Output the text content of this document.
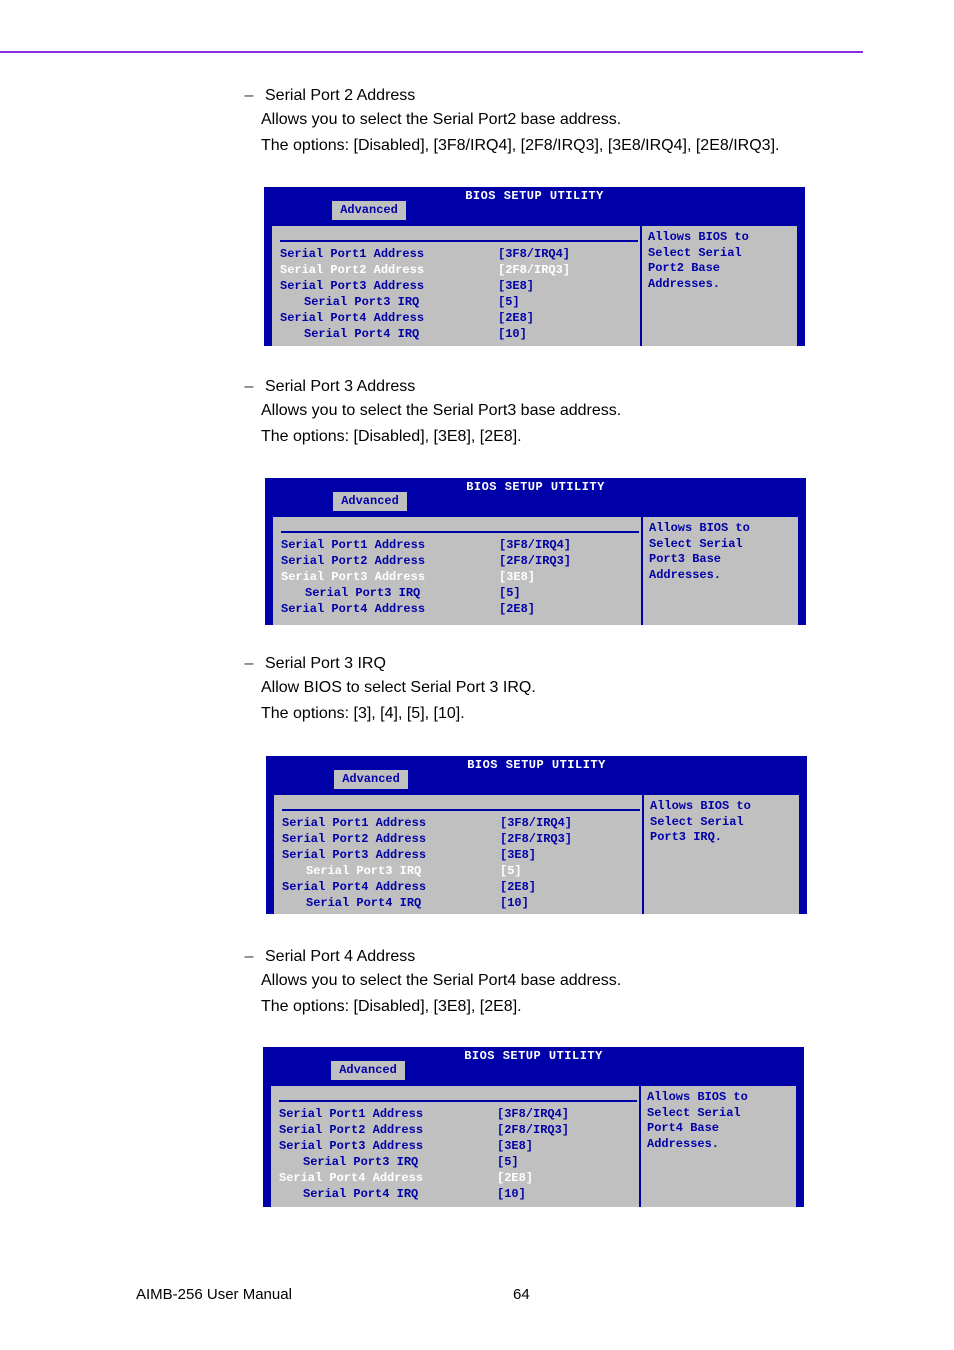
– Serial Port 2 Address
Allows you to select the Serial Port2 base address.
The options: [Disabled], [3F8/IRQ4], [2F8/IRQ3], [3E8/IRQ4], [2E8/IRQ3].
BIOS SETUP UTILITY
Advanced
Serial Port1 Address	[3F8/IRQ4]
Serial Port2 Address	[2F8/IRQ3]
Serial Port3 Address	[3E8]
Serial Port3 IRQ	[5]
Serial Port4 Address	[2E8]
Serial Port4 IRQ	[10]
Allows BIOS to
Select Serial
Port2 Base
Addresses.
– Serial Port 3 Address
Allows you to select the Serial Port3 base address.
The options: [Disabled], [3E8], [2E8].
BIOS SETUP UTILITY
Advanced
Serial Port1 Address	[3F8/IRQ4]
Serial Port2 Address	[2F8/IRQ3]
Serial Port3 Address	[3E8]
Serial Port3 IRQ	[5]
Serial Port4 Address	[2E8]
Allows BIOS to
Select Serial
Port3 Base
Addresses.
– Serial Port 3 IRQ
Allow BIOS to select Serial Port 3 IRQ.
The options: [3], [4], [5], [10].
BIOS SETUP UTILITY
Advanced
Serial Port1 Address	[3F8/IRQ4]
Serial Port2 Address	[2F8/IRQ3]
Serial Port3 Address	[3E8]
Serial Port3 IRQ	[5]
Serial Port4 Address	[2E8]
Serial Port4 IRQ	[10]
Allows BIOS to
Select Serial
Port3 IRQ.
– Serial Port 4 Address
Allows you to select the Serial Port4 base address.
The options: [Disabled], [3E8], [2E8].
BIOS SETUP UTILITY
Advanced
Serial Port1 Address	[3F8/IRQ4]
Serial Port2 Address	[2F8/IRQ3]
Serial Port3 Address	[3E8]
Serial Port3 IRQ	[5]
Serial Port4 Address	[2E8]
Serial Port4 IRQ	[10]
Allows BIOS to
Select Serial
Port4 Base
Addresses.
AIMB-256 User Manual	64
